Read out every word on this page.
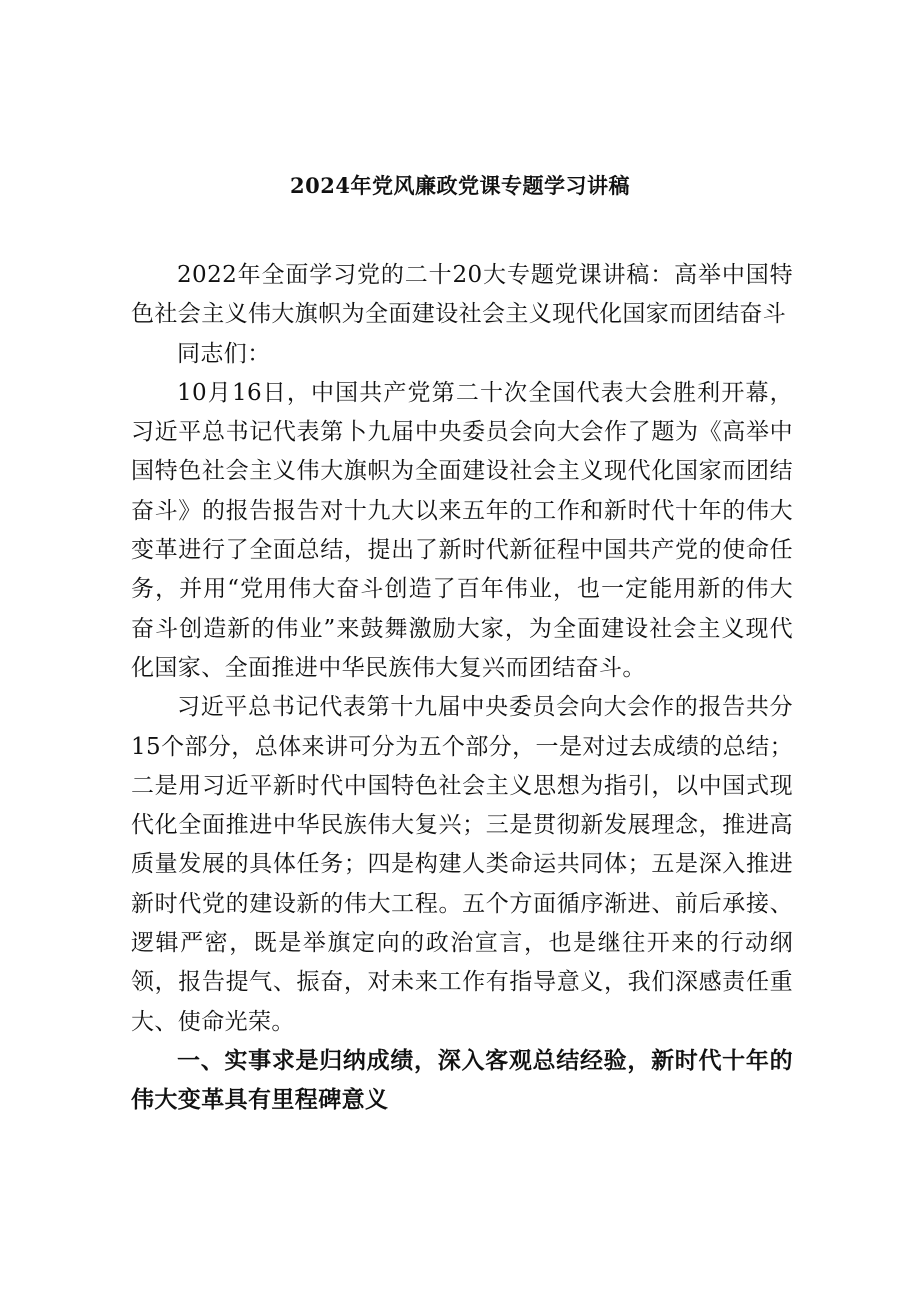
2024年党风廉政党课专题学习讲稿

2022年全面学习党的二十20大专题党课讲稿：高举中国特色社会主义伟大旗帜为全面建设社会主义现代化国家而团结奋斗

同志们：

10月16日，中国共产党第二十次全国代表大会胜利开幕，习近平总书记代表第卜九届中央委员会向大会作了题为《高举中国特色社会主义伟大旗帜为全面建设社会主义现代化国家而团结奋斗》的报告报告对十九大以来五年的工作和新时代十年的伟大变革进行了全面总结，提出了新时代新征程中国共产党的使命任务，并用“党用伟大奋斗创造了百年伟业，也一定能用新的伟大奋斗创造新的伟业”来鼓舞激励大家，为全面建设社会主义现代化国家、全面推进中华民族伟大复兴而团结奋斗。

习近平总书记代表第十九届中央委员会向大会作的报告共分15个部分，总体来讲可分为五个部分，一是对过去成绩的总结；二是用习近平新时代中国特色社会主义思想为指引，以中国式现代化全面推进中华民族伟大复兴；三是贯彻新发展理念，推进高质量发展的具体任务；四是构建人类命运共同体；五是深入推进新时代党的建设新的伟大工程。五个方面循序渐进、前后承接、逻辑严密，既是举旗定向的政治宣言，也是继往开来的行动纲领，报告提气、振奋，对未来工作有指导意义，我们深感责任重大、使命光荣。

一、实事求是归纳成绩，深入客观总结经验，新时代十年的伟大变革具有里程碑意义
